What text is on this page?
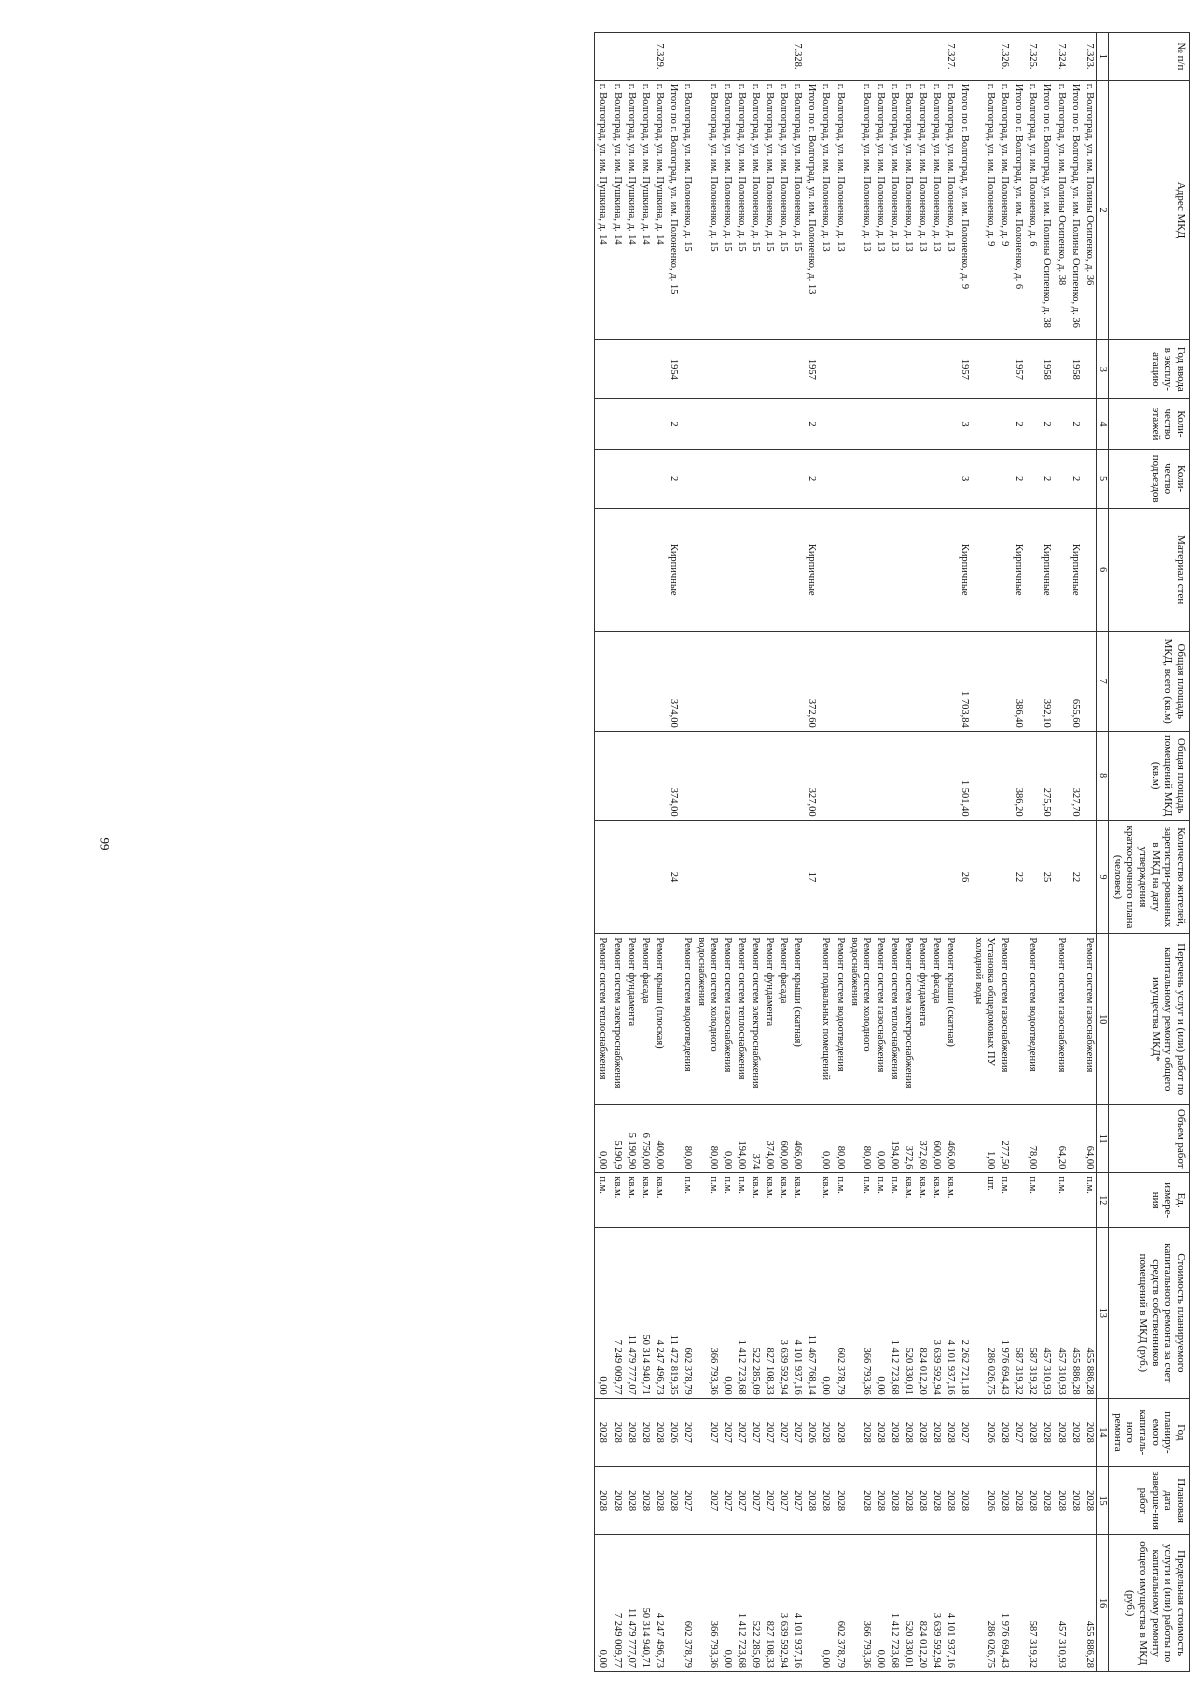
99
№ п/п	Адрес МКД	Год ввода в эксплу-атацию	Коли-чество этажей	Коли-чество подъездов	Материал стен	Общая площадь МКД, всего (кв.м)	Общая площадь помещений МКД (кв.м)	Количество жителей, зарегистри-рованных в МКД на дату утверждения краткосрочного плана (человек)	Перечень услуг и (или) работ по капитальному ремонту общего имущества МКД*	Объем работ	Ед. измере-ния	Стоимость планируемого капитального ремонта за счет средств собственников помещений в МКД (руб.)	Год планиру-емого капиталь-ного ремонта	Плановая дата заверше-ния работ	Предельная стоимость услуги и (или) работы по капитальному ремонту общего имущества в МКД (руб.)
1	2	3	4	5	6	7	8	9	10	11	12	13	14	15	16
7.323.	г. Волгоград, ул. им. Полины Осипенко, д. 36								Ремонт систем газоснабжения	64,00	п.м.	455 886,28	2028	2028	455 886,28
	Итого по г. Волгоград, ул. им. Полины Осипенко, д. 36	1958	2	2	Кирпичные	655,60	327,70	22				455 886,28	2028	2028	
7.324.	г. Волгоград, ул. им. Полины Осипенко, д. 38								Ремонт систем газоснабжения	64,20	п.м.	457 310,93	2028	2028	457 310,93
	Итого по г. Волгоград, ул. им. Полины Осипенко, д. 38	1958	2	2	Кирпичные	392,10	275,50	25				457 310,93	2028	2028	
7.325.	г. Волгоград, ул. им. Полоненко, д. 6								Ремонт систем водоотведения	78,00	п.м.	587 319,32	2028	2028	587 319,32
	Итого по г. Волгоград, ул. им. Полоненко, д. 6	1957	2	2	Кирпичные	386,40	386,20	22				587 319,32	2027	2028	
7.326.	г. Волгоград, ул. им. Полоненко, д. 9								Ремонт систем газоснабжения	277,50	п.м.	1 976 694,43	2028	2028	1 976 694,43
	г. Волгоград, ул. им. Полоненко, д. 9								Установка общедомовых ПУ холодной воды	1,00	шт.	286 026,75	2026	2026	286 026,75
	Итого по г. Волгоград, ул. им. Полоненко, д. 9	1957	3	3	Кирпичные	1 703,84	1 501,40	26				2 262 721,18	2027	2028	
7.327.	г. Волгоград, ул. им. Полоненко, д. 13								Ремонт крыши (скатная)	466,00	кв.м.	4 101 937,16	2028	2028	4 101 937,16
	г. Волгоград, ул. им. Полоненко, д. 13								Ремонт фасада	600,00	кв.м.	3 639 592,94	2028	2028	3 639 592,94
	г. Волгоград, ул. им. Полоненко, д. 13								Ремонт фундамента	372,60	кв.м.	824 012,20	2028	2028	824 012,20
	г. Волгоград, ул. им. Полоненко, д. 13								Ремонт систем электроснабжения	372,6	кв.м.	520 330,01	2028	2028	520 330,01
	г. Волгоград, ул. им. Полоненко, д. 13								Ремонт систем теплоснабжения	194,00	п.м.	1 412 723,68	2028	2028	1 412 723,68
	г. Волгоград, ул. им. Полоненко, д. 13								Ремонт систем газоснабжения	0,00	п.м.	0,00	2028	2028	0,00
	г. Волгоград, ул. им. Полоненко, д. 13								Ремонт систем холодного водоснабжения	80,00	п.м.	366 793,36	2028	2028	366 793,36
	г. Волгоград, ул. им. Полоненко, д. 13								Ремонт систем водоотведения	80,00	п.м.	602 378,79	2028	2028	602 378,79
	г. Волгоград, ул. им. Полоненко, д. 13								Ремонт подвальных помещений	0,00	кв.м.	0,00	2028	2028	0,00
	Итого по г. Волгоград, ул. им. Полоненко, д. 13	1957	2	2	Кирпичные	372,60	327,00	17				11 467 768,14	2026	2028	
7.328.	г. Волгоград, ул. им. Полоненко, д. 15								Ремонт крыши (скатная)	466,00	кв.м.	4 101 937,16	2027	2027	4 101 937,16
	г. Волгоград, ул. им. Полоненко, д. 15								Ремонт фасада	600,00	кв.м.	3 639 592,94	2027	2027	3 639 592,94
	г. Волгоград, ул. им. Полоненко, д. 15								Ремонт фундамента	374,00	кв.м.	827 108,33	2027	2027	827 108,33
	г. Волгоград, ул. им. Полоненко, д. 15								Ремонт систем электроснабжения	374	кв.м.	522 285,09	2027	2027	522 285,09
	г. Волгоград, ул. им. Полоненко, д. 15								Ремонт систем теплоснабжения	194,00	п.м.	1 412 723,68	2027	2027	1 412 723,68
	г. Волгоград, ул. им. Полоненко, д. 15								Ремонт систем газоснабжения	0,00	п.м.	0,00	2027	2027	0,00
	г. Волгоград, ул. им. Полоненко, д. 15								Ремонт систем холодного водоснабжения	80,00	п.м.	366 793,36	2027	2027	366 793,36
	г. Волгоград, ул. им. Полоненко, д. 15								Ремонт систем водоотведения	80,00	п.м.	602 378,79	2027	2027	602 378,79
	Итого по г. Волгоград, ул. им. Полоненко, д. 15	1954	2	2	Кирпичные	374,00	374,00	24				11 472 819,35	2026	2028	
7.329.	г. Волгоград, ул. им. Пушкина, д. 14								Ремонт крыши (плоская)	400,00	кв.м.	4 247 496,73	2028	2028	4 247 496,73
	г. Волгоград, ул. им. Пушкина, д. 14								Ремонт фасада	6 750,00	кв.м.	50 314 940,71	2028	2028	50 314 940,71
	г. Волгоград, ул. им. Пушкина, д. 14								Ремонт фундамента	5 190,90	кв.м.	11 479 777,07	2028	2028	11 479 777,07
	г. Волгоград, ул. им. Пушкина, д. 14								Ремонт систем электроснабжения	5190,9	кв.м.	7 249 009,77	2028	2028	7 249 009,77
	г. Волгоград, ул. им. Пушкина, д. 14								Ремонт систем теплоснабжения	0,00	п.м.	0,00	2028	2028	0,00
